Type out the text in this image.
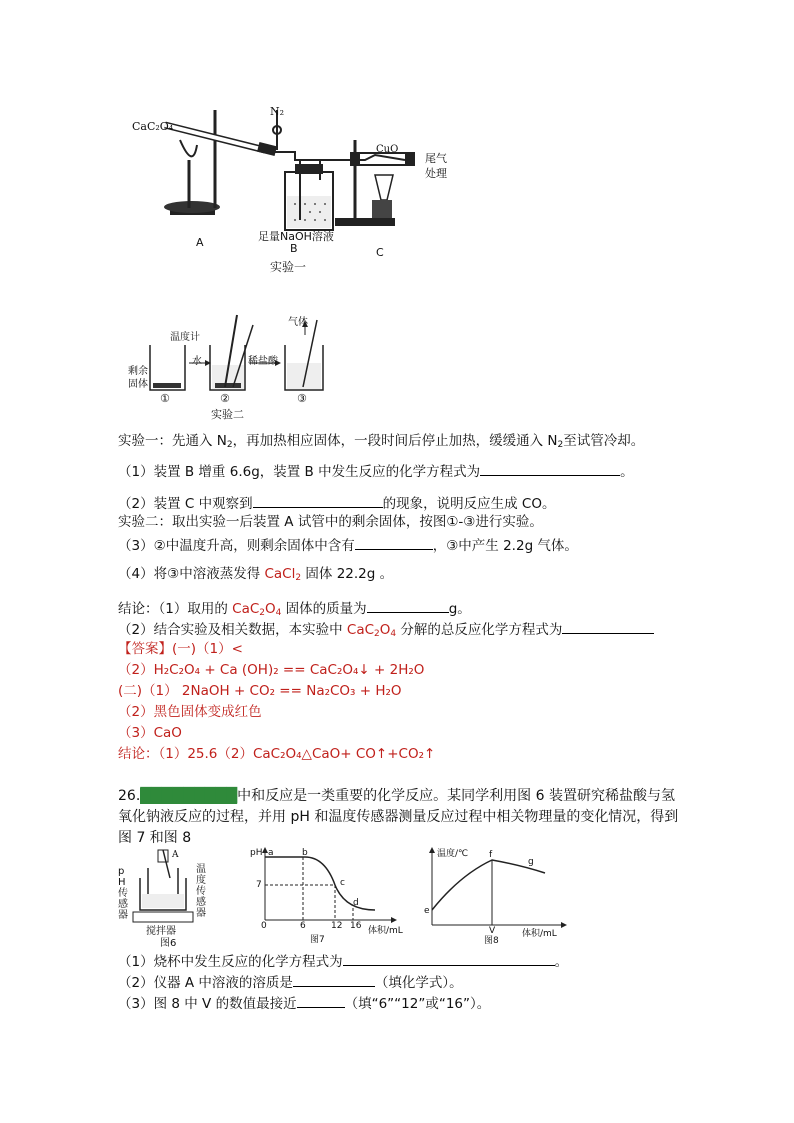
CaC₂O₄
N₂
CuO
尾气
处理
足量NaOH溶液
A	B	C
实验一
温度计
气体
剩余
固体
水	稀盐酸
①	②	③
实验二
实验一：先通入 $N_2$，再加热相应固体，一段时间后停止加热，缓缓通入 $N_2$至试管冷却。
（1）装置 B 增重 6.6g，装置 B 中发生反应的化学方程式为	。
（2）装置 C 中观察到	的现象，说明反应生成 CO。
实验二：取出实验一后装置 A 试管中的剩余固体，按图①-③进行实验。
（3）②中温度升高，则剩余固体中含有	，③中产生 2.2g 气体。
（4）将③中溶液蒸发得 CaCl$_2$ 固体 22.2g 。
结论：（1）取用的 $CaC_2O_4$ 固体的质量为	g。
（2）结合实验及相关数据，本实验中 $CaC_2O_4$ 分解的总反应化学方程式为
【答案】(一)（1）<
（2）H₂C₂O₄ + Ca (OH)₂ == CaC₂O₄↓ + 2H₂O
(二)（1） 2NaOH + CO₂ == Na₂CO₃ + H₂O
（2）黑色固体变成红色
（3）CaO
结论：（1）25.6（2）CaC₂O₄△CaO+ CO↑+CO₂↑
26.█████████中和反应是一类重要的化学反应。某同学利用图 6 装置研究稀盐酸与氢
氧化钠液反应的过程，并用 pH 和温度传感器测量反应过程中相关物理量的变化情况，得到
图 7 和图 8
A
pH传感器
温度传感器
搅拌器
图6
pH a	b
c
d
7
0	6	12 16 体积/mL
图7
温度/℃
e
f
g
V	体积/mL
图8
（1）烧杯中发生反应的化学方程式为	。
（2）仪器 A 中溶液的溶质是	（填化学式）。
（3）图 8 中 V 的数值最接近	（填“6”“12”或“16”）。
